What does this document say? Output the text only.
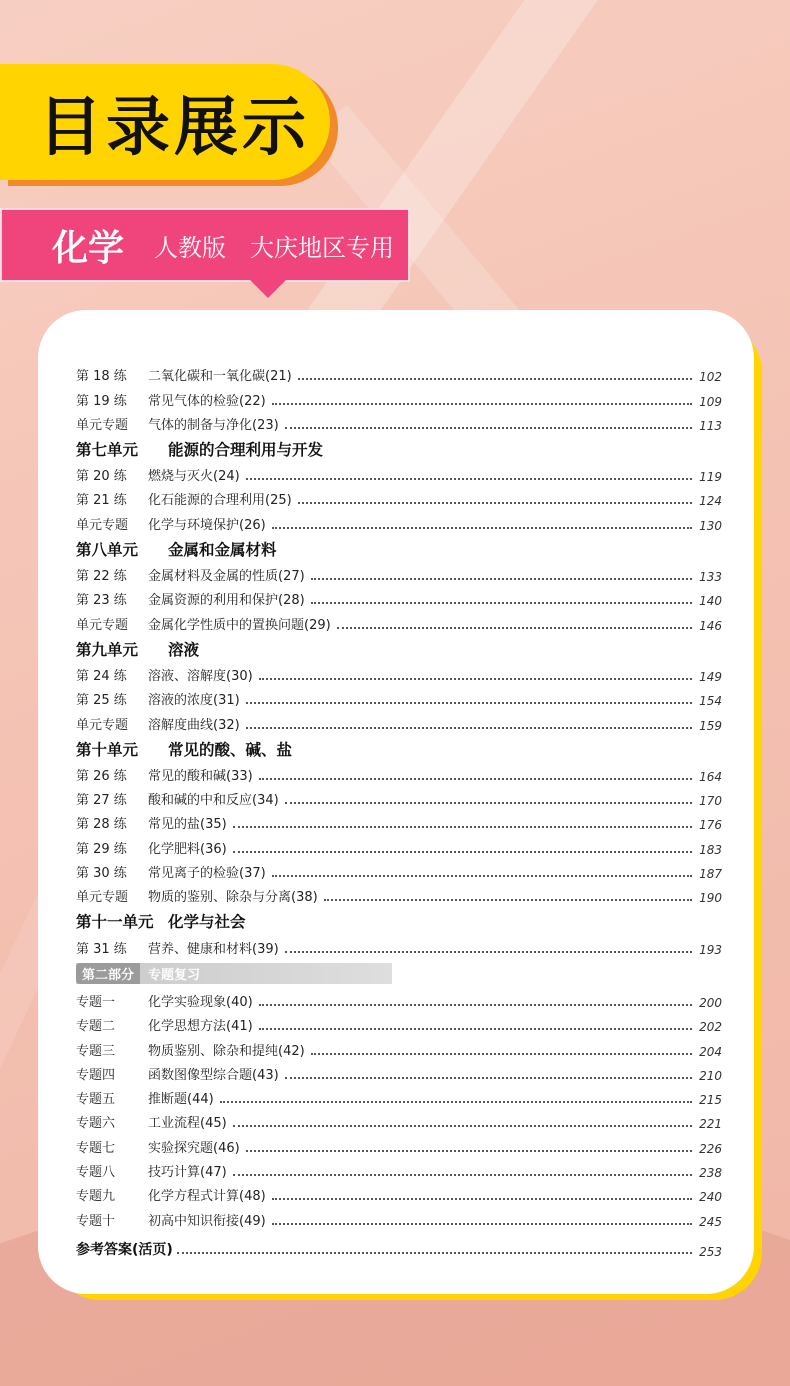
目录展示
化学 人教版 大庆地区专用
第 18 练 二氧化碳和一氧化碳(21)	102
第 19 练 常见气体的检验(22)	109
单元专题 气体的制备与净化(23)	113
第七单元	能源的合理利用与开发
第 20 练 燃烧与灭火(24)	119
第 21 练 化石能源的合理利用(25)	124
单元专题 化学与环境保护(26)	130
第八单元	金属和金属材料
第 22 练 金属材料及金属的性质(27)	133
第 23 练 金属资源的利用和保护(28)	140
单元专题 金属化学性质中的置换问题(29)	146
第九单元	溶液
第 24 练 溶液、溶解度(30)	149
第 25 练 溶液的浓度(31)	154
单元专题 溶解度曲线(32)	159
第十单元	常见的酸、碱、盐
第 26 练 常见的酸和碱(33)	164
第 27 练 酸和碱的中和反应(34)	170
第 28 练 常见的盐(35)	176
第 29 练 化学肥料(36)	183
第 30 练 常见离子的检验(37)	187
单元专题 物质的鉴别、除杂与分离(38)	190
第十一单元 化学与社会
第 31 练 营养、健康和材料(39)	193
第二部分	专题复习
专题一	化学实验现象(40)	200
专题二	化学思想方法(41)	202
专题三	物质鉴别、除杂和提纯(42)	204
专题四	函数图像型综合题(43)	210
专题五	推断题(44)	215
专题六	工业流程(45)	221
专题七	实验探究题(46)	226
专题八	技巧计算(47)	238
专题九	化学方程式计算(48)	240
专题十	初高中知识衔接(49)	245
参考答案(活页)	253
